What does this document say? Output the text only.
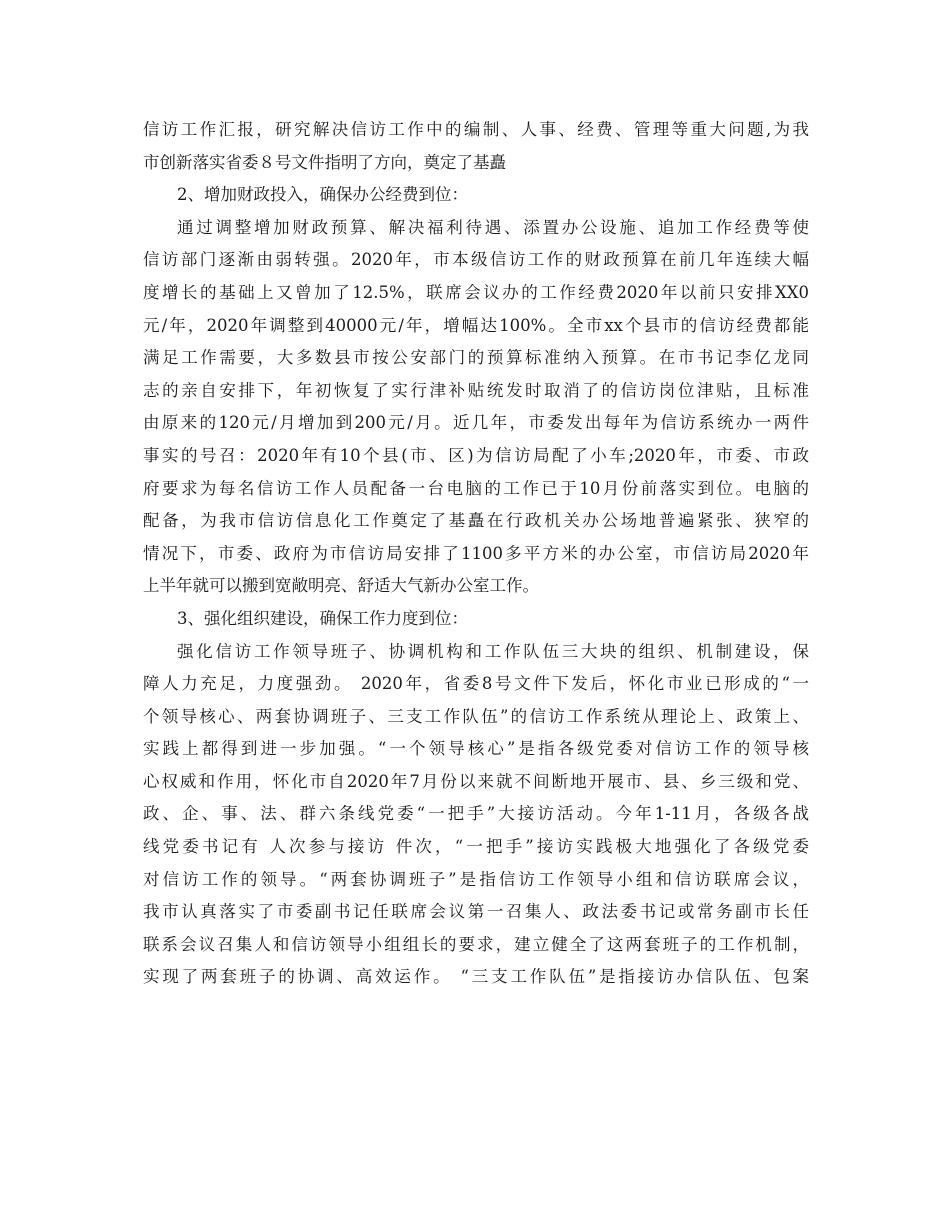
信访工作汇报，研究解决信访工作中的编制、人事、经费、管理等重大问题,为我
市创新落实省委８号文件指明了方向，奠定了基矗
2、增加财政投入，确保办公经费到位：
通过调整增加财政预算、解决福利待遇、添置办公设施、追加工作经费等使
信访部门逐渐由弱转强。2020年，市本级信访工作的财政预算在前几年连续大幅
度增长的基础上又曾加了12.5%，联席会议办的工作经费2020年以前只安排XX0
元/年，2020年调整到40000元/年，增幅达100%。全市xx个县市的信访经费都能
满足工作需要，大多数县市按公安部门的预算标准纳入预算。在市书记李亿龙同
志的亲自安排下，年初恢复了实行津补贴统发时取消了的信访岗位津贴，且标准
由原来的120元/月增加到200元/月。近几年，市委发出每年为信访系统办一两件
事实的号召：2020年有10个县(市、区)为信访局配了小车;2020年，市委、市政
府要求为每名信访工作人员配备一台电脑的工作已于10月份前落实到位。电脑的
配备，为我市信访信息化工作奠定了基矗在行政机关办公场地普遍紧张、狭窄的
情况下，市委、政府为市信访局安排了1100多平方米的办公室，市信访局2020年
上半年就可以搬到宽敞明亮、舒适大气新办公室工作。
3、强化组织建设，确保工作力度到位：
强化信访工作领导班子、协调机构和工作队伍三大块的组织、机制建设，保
障人力充足，力度强劲。 2020年，省委8号文件下发后，怀化市业已形成的“一
个领导核心、两套协调班子、三支工作队伍”的信访工作系统从理论上、政策上、
实践上都得到进一步加强。“一个领导核心”是指各级党委对信访工作的领导核
心权威和作用，怀化市自2020年7月份以来就不间断地开展市、县、乡三级和党、
政、企、事、法、群六条线党委“一把手”大接访活动。今年1-11月，各级各战
线党委书记有 人次参与接访 件次，“一把手”接访实践极大地强化了各级党委
对信访工作的领导。“两套协调班子”是指信访工作领导小组和信访联席会议，
我市认真落实了市委副书记任联席会议第一召集人、政法委书记或常务副市长任
联系会议召集人和信访领导小组组长的要求，建立健全了这两套班子的工作机制，
实现了两套班子的协调、高效运作。 “三支工作队伍”是指接访办信队伍、包案
